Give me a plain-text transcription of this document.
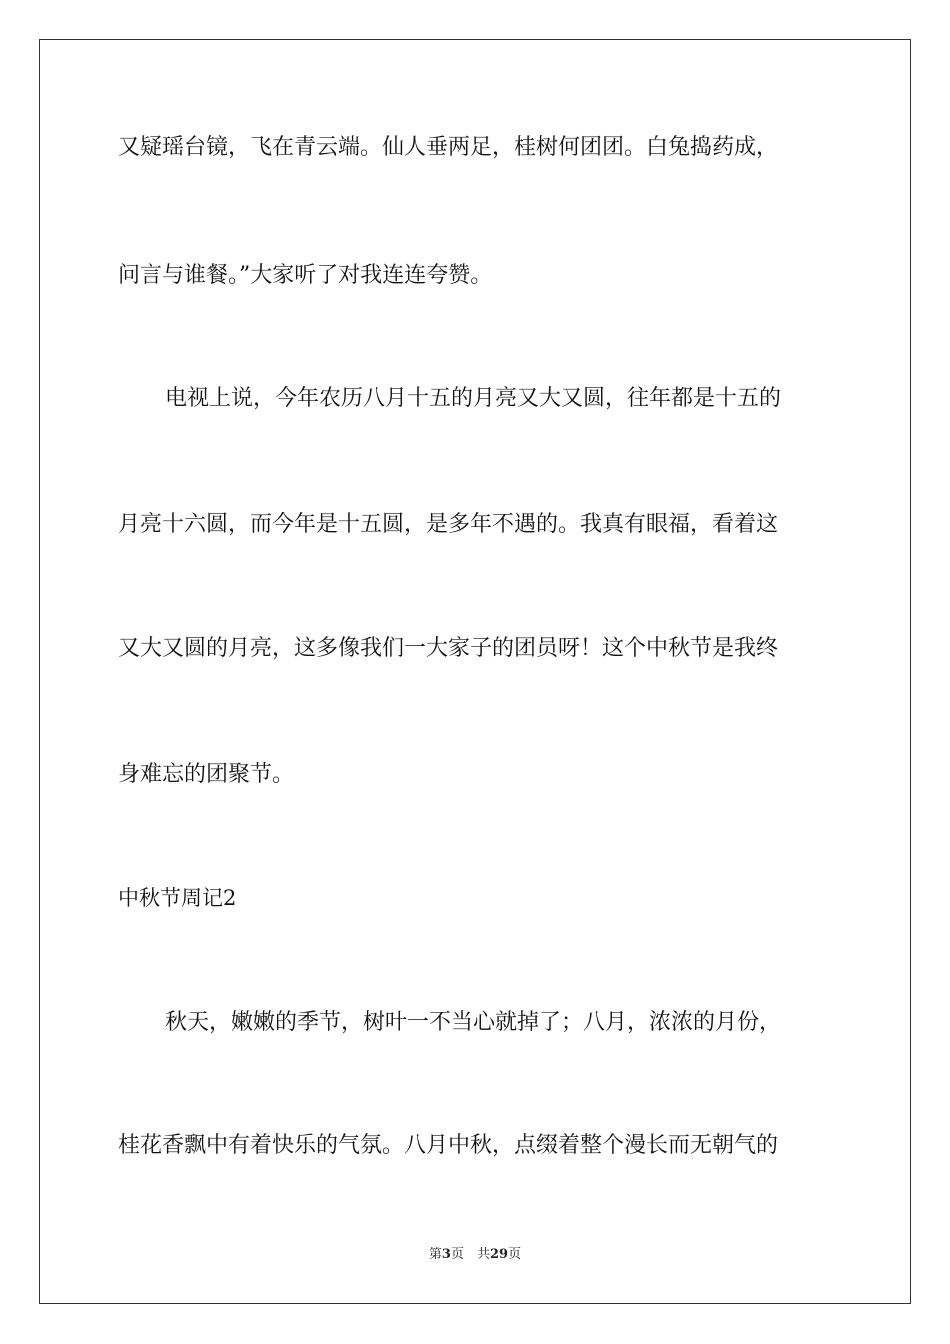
又疑瑶台镜，飞在青云端。仙人垂两足，桂树何团团。白兔捣药成，
问言与谁餐。”大家听了对我连连夸赞。
电视上说，今年农历八月十五的月亮又大又圆，往年都是十五的
月亮十六圆，而今年是十五圆，是多年不遇的。我真有眼福，看着这
又大又圆的月亮，这多像我们一大家子的团员呀！这个中秋节是我终
身难忘的团聚节。
中秋节周记2
秋天，嫩嫩的季节，树叶一不当心就掉了；八月，浓浓的月份，
桂花香飘中有着快乐的气氛。八月中秋，点缀着整个漫长而无朝气的
第3页　共29页
